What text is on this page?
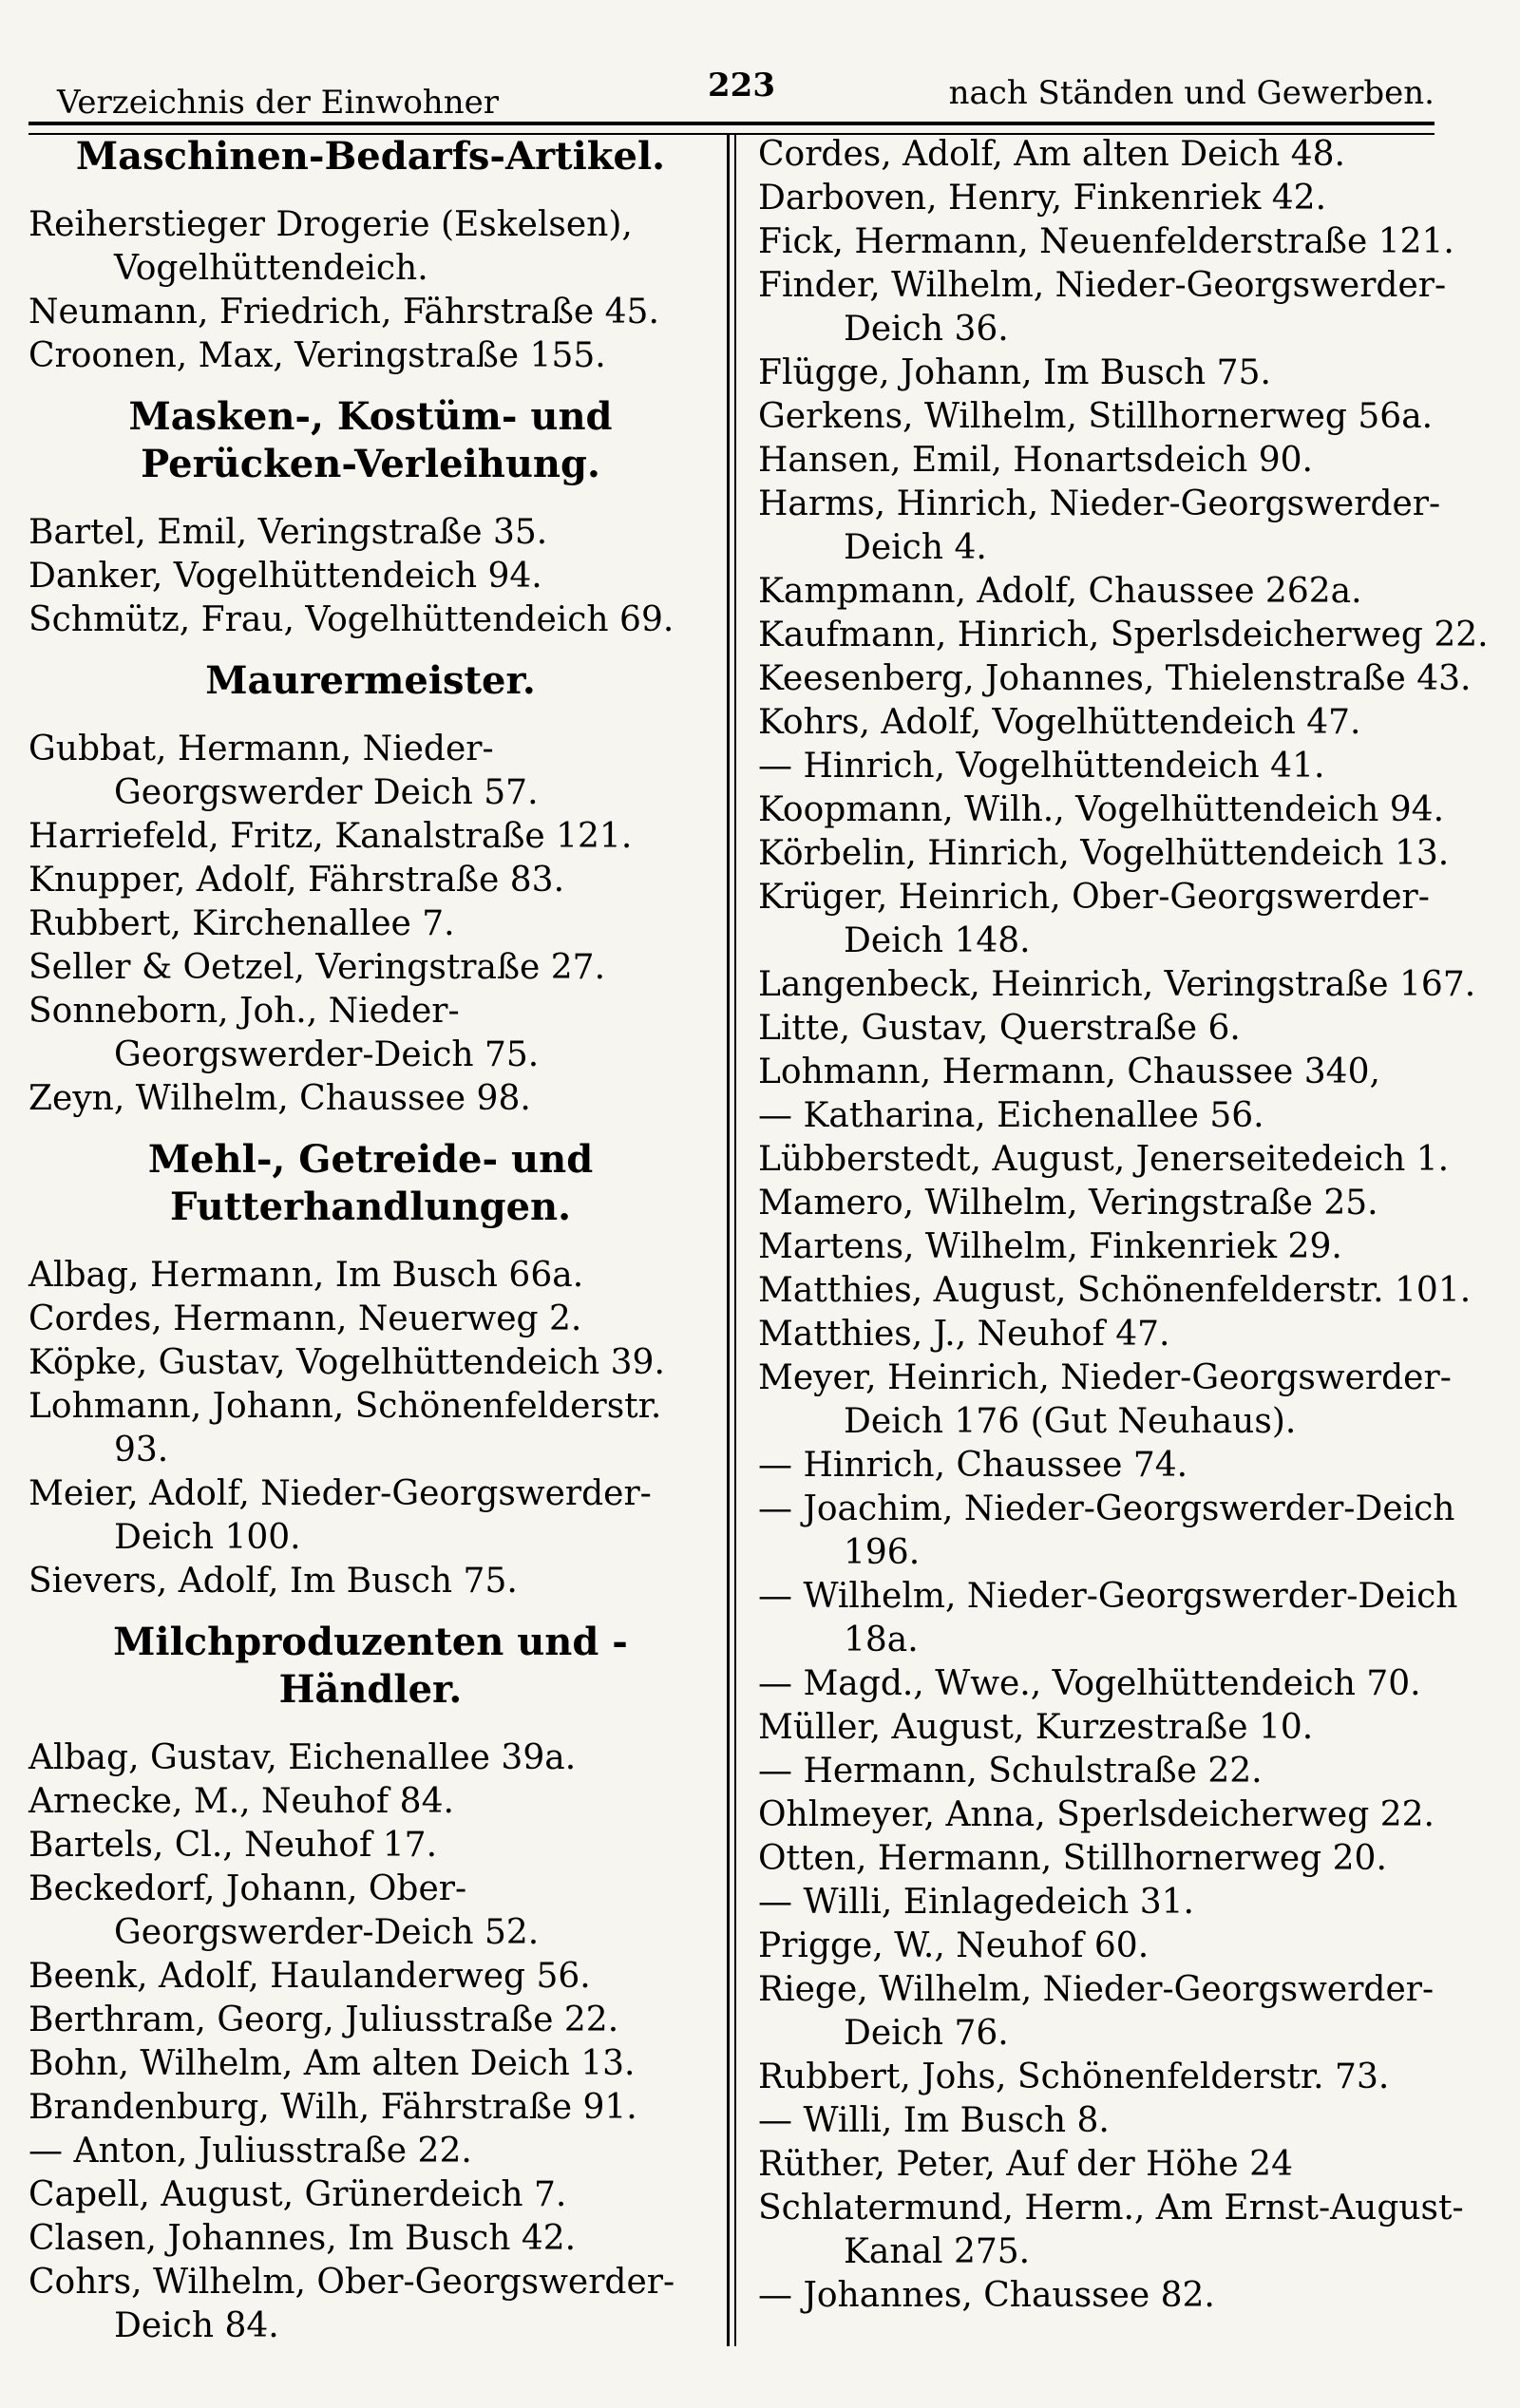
Verzeichnis der Einwohner	223	nach Ständen und Gewerben.
Maschinen-Bedarfs-Artikel.
Reiherstieger Drogerie (Eskelsen), Vogelhüttendeich.
Neumann, Friedrich, Fährstraße 45.
Croonen, Max, Veringstraße 155.
Masken-, Kostüm- und Perücken-Verleihung.
Bartel, Emil, Veringstraße 35.
Danker, Vogelhüttendeich 94.
Schmütz, Frau, Vogelhüttendeich 69.
Maurermeister.
Gubbat, Hermann, Nieder-Georgswerder Deich 57.
Harriefeld, Fritz, Kanalstraße 121.
Knupper, Adolf, Fährstraße 83.
Rubbert, Kirchenallee 7.
Seller & Oetzel, Veringstraße 27.
Sonneborn, Joh., Nieder-Georgswerder-Deich 75.
Zeyn, Wilhelm, Chaussee 98.
Mehl-, Getreide- und Futterhandlungen.
Albag, Hermann, Im Busch 66a.
Cordes, Hermann, Neuerweg 2.
Köpke, Gustav, Vogelhüttendeich 39.
Lohmann, Johann, Schönenfelderstr. 93.
Meier, Adolf, Nieder-Georgswerder-Deich 100.
Sievers, Adolf, Im Busch 75.
Milchproduzenten und -Händler.
Albag, Gustav, Eichenallee 39a.
Arnecke, M., Neuhof 84.
Bartels, Cl., Neuhof 17.
Beckedorf, Johann, Ober-Georgswerder-Deich 52.
Beenk, Adolf, Haulanderweg 56.
Berthram, Georg, Juliusstraße 22.
Bohn, Wilhelm, Am alten Deich 13.
Brandenburg, Wilh, Fährstraße 91.
— Anton, Juliusstraße 22.
Capell, August, Grünerdeich 7.
Clasen, Johannes, Im Busch 42.
Cohrs, Wilhelm, Ober-Georgswerder-Deich 84.
Cordes, Adolf, Am alten Deich 48.
Darboven, Henry, Finkenriek 42.
Fick, Hermann, Neuenfelderstraße 121.
Finder, Wilhelm, Nieder-Georgswerder-Deich 36.
Flügge, Johann, Im Busch 75.
Gerkens, Wilhelm, Stillhornerweg 56a.
Hansen, Emil, Honartsdeich 90.
Harms, Hinrich, Nieder-Georgswerder-Deich 4.
Kampmann, Adolf, Chaussee 262a.
Kaufmann, Hinrich, Sperlsdeicherweg 22.
Keesenberg, Johannes, Thielenstraße 43.
Kohrs, Adolf, Vogelhüttendeich 47.
— Hinrich, Vogelhüttendeich 41.
Koopmann, Wilh., Vogelhüttendeich 94.
Körbelin, Hinrich, Vogelhüttendeich 13.
Krüger, Heinrich, Ober-Georgswerder-Deich 148.
Langenbeck, Heinrich, Veringstraße 167.
Litte, Gustav, Querstraße 6.
Lohmann, Hermann, Chaussee 340,
— Katharina, Eichenallee 56.
Lübberstedt, August, Jenerseitedeich 1.
Mamero, Wilhelm, Veringstraße 25.
Martens, Wilhelm, Finkenriek 29.
Matthies, August, Schönenfelderstr. 101.
Matthies, J., Neuhof 47.
Meyer, Heinrich, Nieder-Georgswerder-Deich 176 (Gut Neuhaus).
— Hinrich, Chaussee 74.
— Joachim, Nieder-Georgswerder-Deich 196.
— Wilhelm, Nieder-Georgswerder-Deich 18a.
— Magd., Wwe., Vogelhüttendeich 70.
Müller, August, Kurzestraße 10.
— Hermann, Schulstraße 22.
Ohlmeyer, Anna, Sperlsdeicherweg 22.
Otten, Hermann, Stillhornerweg 20.
— Willi, Einlagedeich 31.
Prigge, W., Neuhof 60.
Riege, Wilhelm, Nieder-Georgswerder-Deich 76.
Rubbert, Johs, Schönenfelderstr. 73.
— Willi, Im Busch 8.
Rüther, Peter, Auf der Höhe 24
Schlatermund, Herm., Am Ernst-August-Kanal 275.
— Johannes, Chaussee 82.
